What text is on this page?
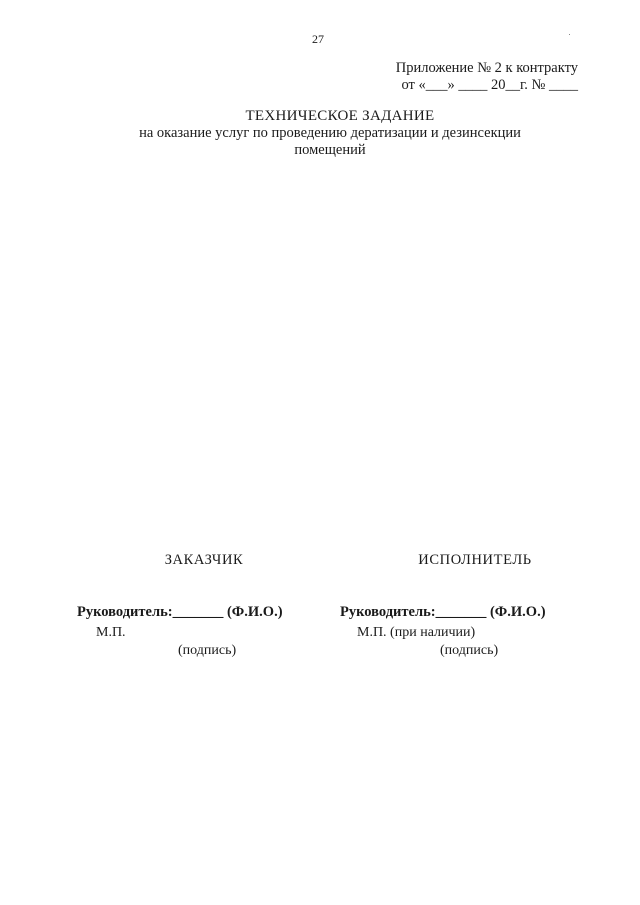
27
Приложение № 2 к контракту
от «___» ____ 20__г. № ____
ТЕХНИЧЕСКОЕ ЗАДАНИЕ
на оказание услуг по проведению дератизации и дезинсекции
помещений
ЗАКАЗЧИК
Руководитель:_______ (Ф.И.О.)
М.П.
(подпись)
ИСПОЛНИТЕЛЬ
Руководитель:_______ (Ф.И.О.)
М.П. (при наличии)
(подпись)
